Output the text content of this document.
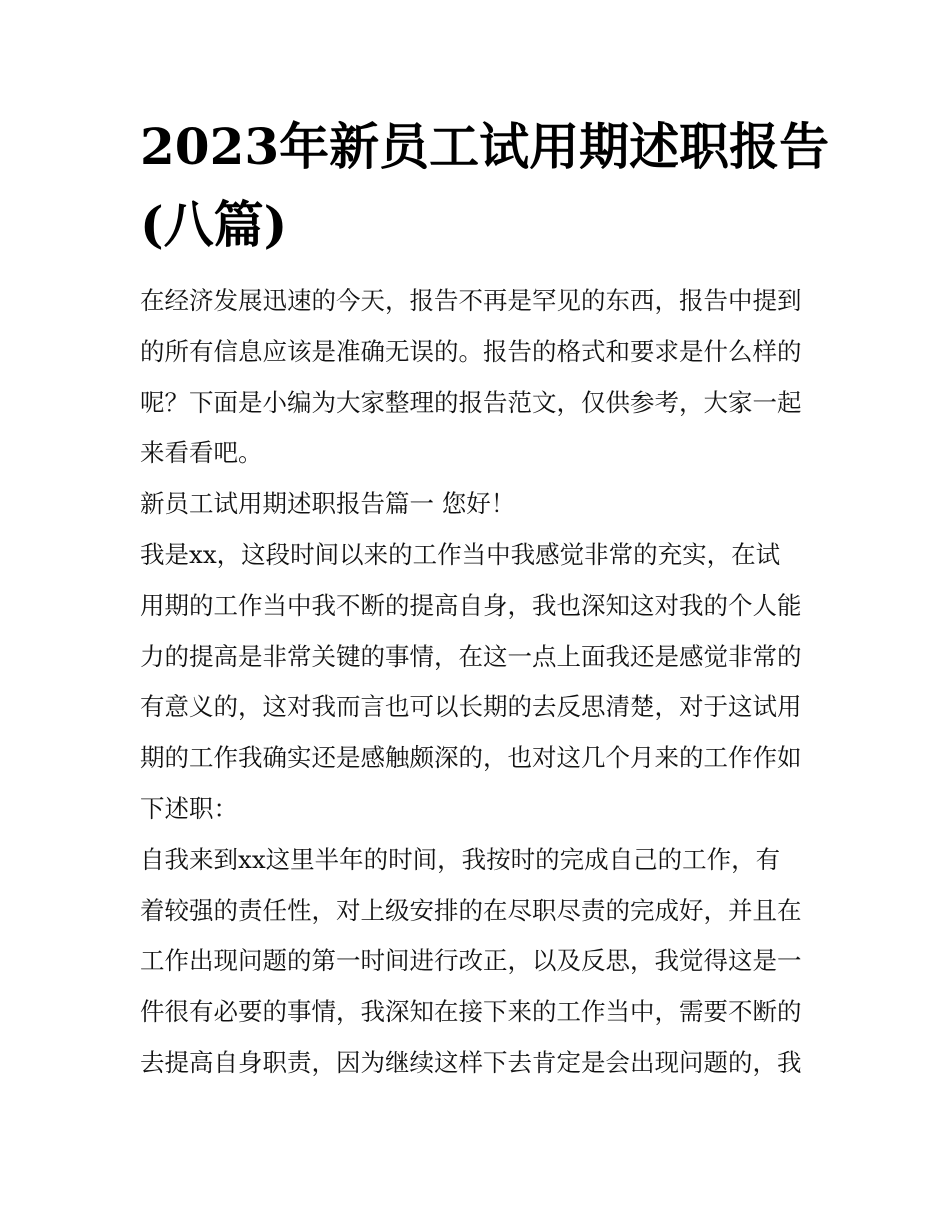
2023年新员工试用期述职报告
(八篇)

在经济发展迅速的今天，报告不再是罕见的东西，报告中提到
的所有信息应该是准确无误的。报告的格式和要求是什么样的
呢？下面是小编为大家整理的报告范文，仅供参考，大家一起
来看看吧。

新员工试用期述职报告篇一 您好！

我是xx，这段时间以来的工作当中我感觉非常的充实，在试
用期的工作当中我不断的提高自身，我也深知这对我的个人能
力的提高是非常关键的事情，在这一点上面我还是感觉非常的
有意义的，这对我而言也可以长期的去反思清楚，对于这试用
期的工作我确实还是感触颇深的，也对这几个月来的工作作如
下述职：

自我来到xx这里半年的时间，我按时的完成自己的工作，有
着较强的责任性，对上级安排的在尽职尽责的完成好，并且在
工作出现问题的第一时间进行改正，以及反思，我觉得这是一
件很有必要的事情，我深知在接下来的工作当中，需要不断的
去提高自身职责，因为继续这样下去肯定是会出现问题的，我
